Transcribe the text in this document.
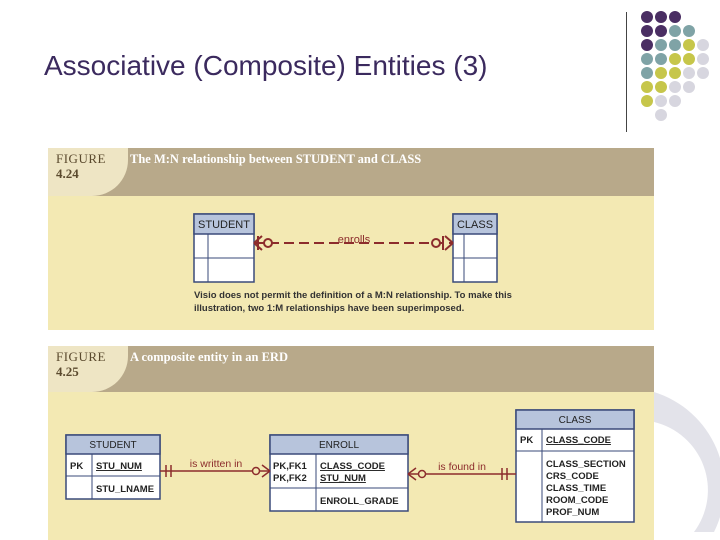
Associative (Composite) Entities (3)
FIGURE
4.24
The M:N relationship between STUDENT and CLASS
STUDENT	CLASS
enrolls
Visio does not permit the definition of a M:N relationship. To make this illustration, two 1:M relationships have been superimposed.
FIGURE
4.25
A composite entity in an ERD
STUDENT
PK STU_NUM
STU_LNAME
ENROLL
PK,FK1
PK,FK2
CLASS_CODE
STU_NUM
ENROLL_GRADE
CLASS
PK CLASS_CODE
CLASS_SECTION
CRS_CODE
CLASS_TIME
ROOM_CODE
PROF_NUM
is written in	is found in
